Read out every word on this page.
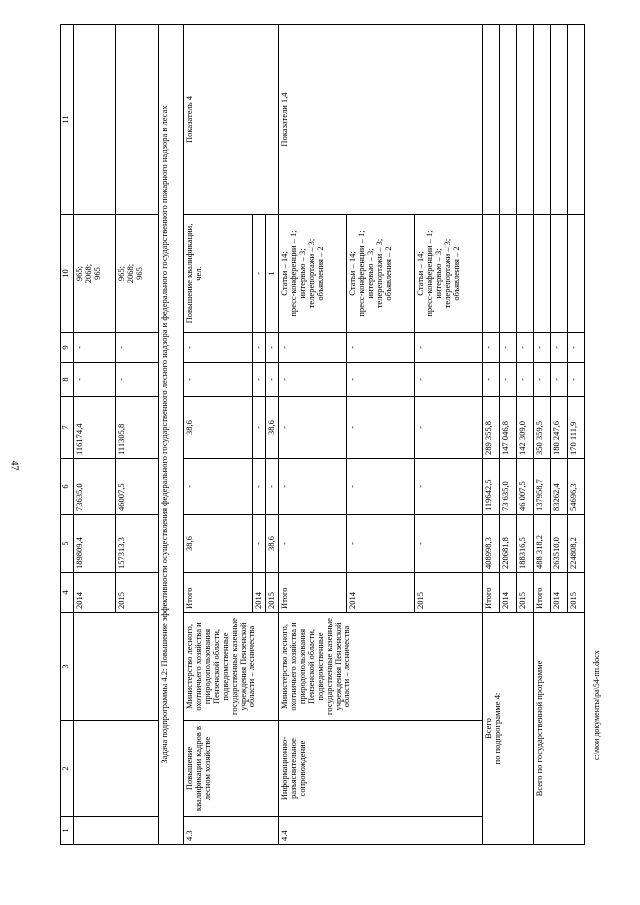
47
1	2	3	4	5	6	7	8	9	10	11
			2014	189809,4	73635,0	116174,4	-	-	965;
2068;
965	
			2015	157313,3	46007,5	111305,8	-	-	965;
2068;
965	
Задача подпрограммы 4.2: Повышение эффективности осуществления федерального государственного лесного надзора и федерального государственного пожарного надзора в лесах										
4.3	Повышение квалификации кадров в лесном хозяйстве	Министерство лесного, охотничьего хозяйства и природопользования Пензенской области, подведомственные государственные казенные учреждения Пензенской области – лесничества	Итого	38,6	-	38,6	-	-	Повышение квалификации, чел.	Показатель 4
			2014	-	-	-	-	-	-	
			2015	38,6	-	38,6	-	-	1	
4.4	Информационно-разъяснительное сопровождение	Министерство лесного, охотничьего хозяйства и природопользования Пензенской области, подведомственные государственные казенные учреждения Пензенской области – лесничества	Итого	-	-	-	-	-	Статьи – 14;
пресс-конференции – 1;
интервью – 3;
телерепортажи – 3;
объявления – 2	Показатели 1,4
			2014	-	-	-	-	-	Статьи – 14;
пресс-конференции – 1;
интервью – 3;
телерепортажи – 3;
объявления – 2	
			2015	-	-	-	-	-	Статьи – 14;
пресс-конференции – 1;
интервью – 3;
телерепортажи – 3;
объявления – 2	
Всего
по подпрограмме 4:			Итого	408998,3	119642,5	289 355,8	-	-		
			2014	220681,8	73 635,0	147 046,8	-	-		
			2015	188316,5	46 007,5	142 309,0	-	-		
Всего по государственной программе			Итого	488 318,2	137958,7	350 359,5	-	-		
			2014	263510,0	83262,4	180 247,6	-	-		
			2015	224808,2	54696,3	170 111,9	-	-		
c:\мои документы\ра\54-пп.docx
